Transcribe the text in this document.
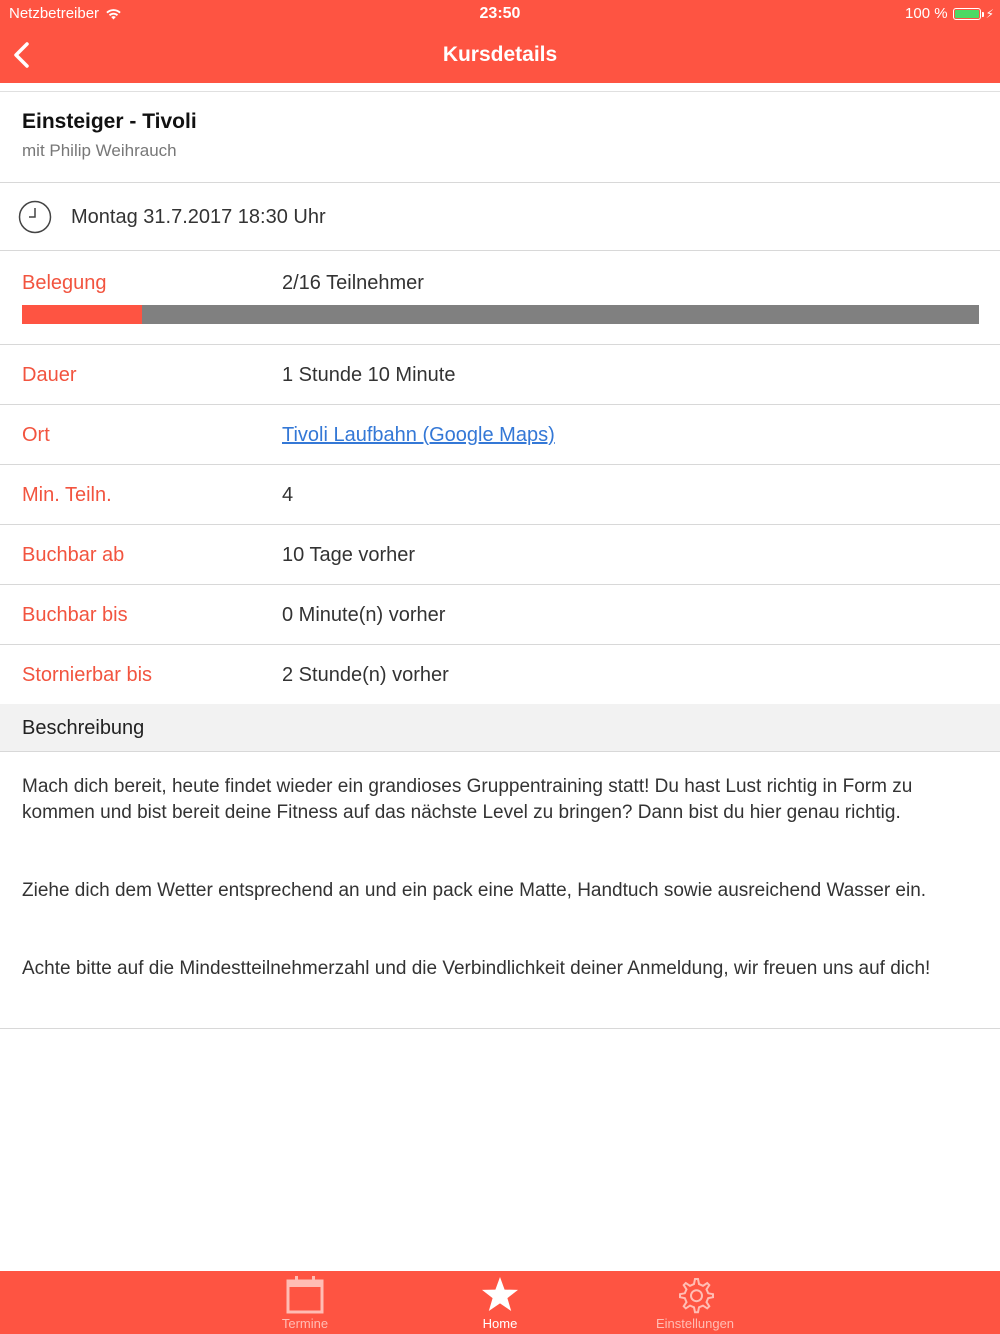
Netzbetreiber	23:50	100 %	⚡
Kursdetails
Einsteiger - Tivoli
mit Philip Weihrauch
Montag 31.7.2017 18:30 Uhr
Belegung	2/16 Teilnehmer
Dauer	1 Stunde 10 Minute
Ort	Tivoli Laufbahn (Google Maps)
Min. Teiln.	4
Buchbar ab	10 Tage vorher
Buchbar bis	0 Minute(n) vorher
Stornierbar bis	2 Stunde(n) vorher
Beschreibung

Mach dich bereit, heute findet wieder ein grandioses Gruppentraining statt! Du hast Lust richtig in Form zu kommen und bist bereit deine Fitness auf das nächste Level zu bringen? Dann bist du hier genau richtig.

Ziehe dich dem Wetter entsprechend an und ein pack eine Matte, Handtuch sowie ausreichend Wasser ein.

Achte bitte auf die Mindestteilnehmerzahl und die Verbindlichkeit deiner Anmeldung, wir freuen uns auf dich!

Termine	Home	Einstellungen
